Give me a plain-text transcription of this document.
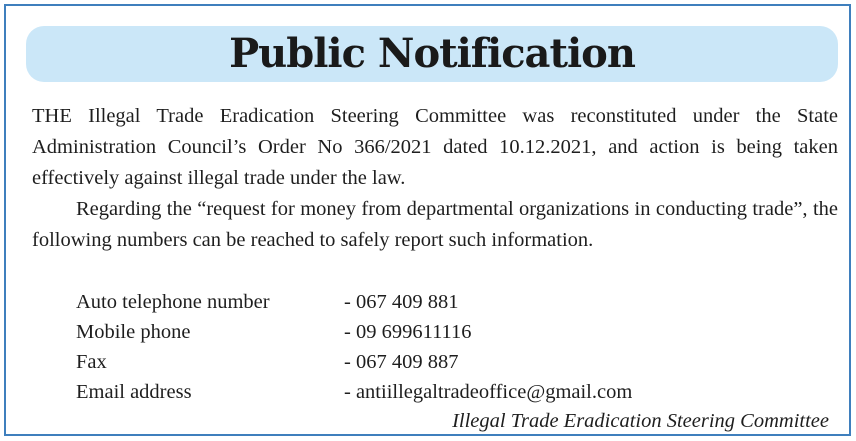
Public Notification

THE Illegal Trade Eradication Steering Committee was reconstituted under the State Administration Council’s Order No 366/2021 dated 10.12.2021, and action is being taken effectively against illegal trade under the law.

Regarding the “request for money from departmental organizations in conducting trade”, the following numbers can be reached to safely report such information.

Auto telephone number	- 067 409 881
Mobile phone	- 09 699611116
Fax	- 067 409 887
Email address	- antiillegaltradeoffice@gmail.com
Illegal Trade Eradication Steering Committee
